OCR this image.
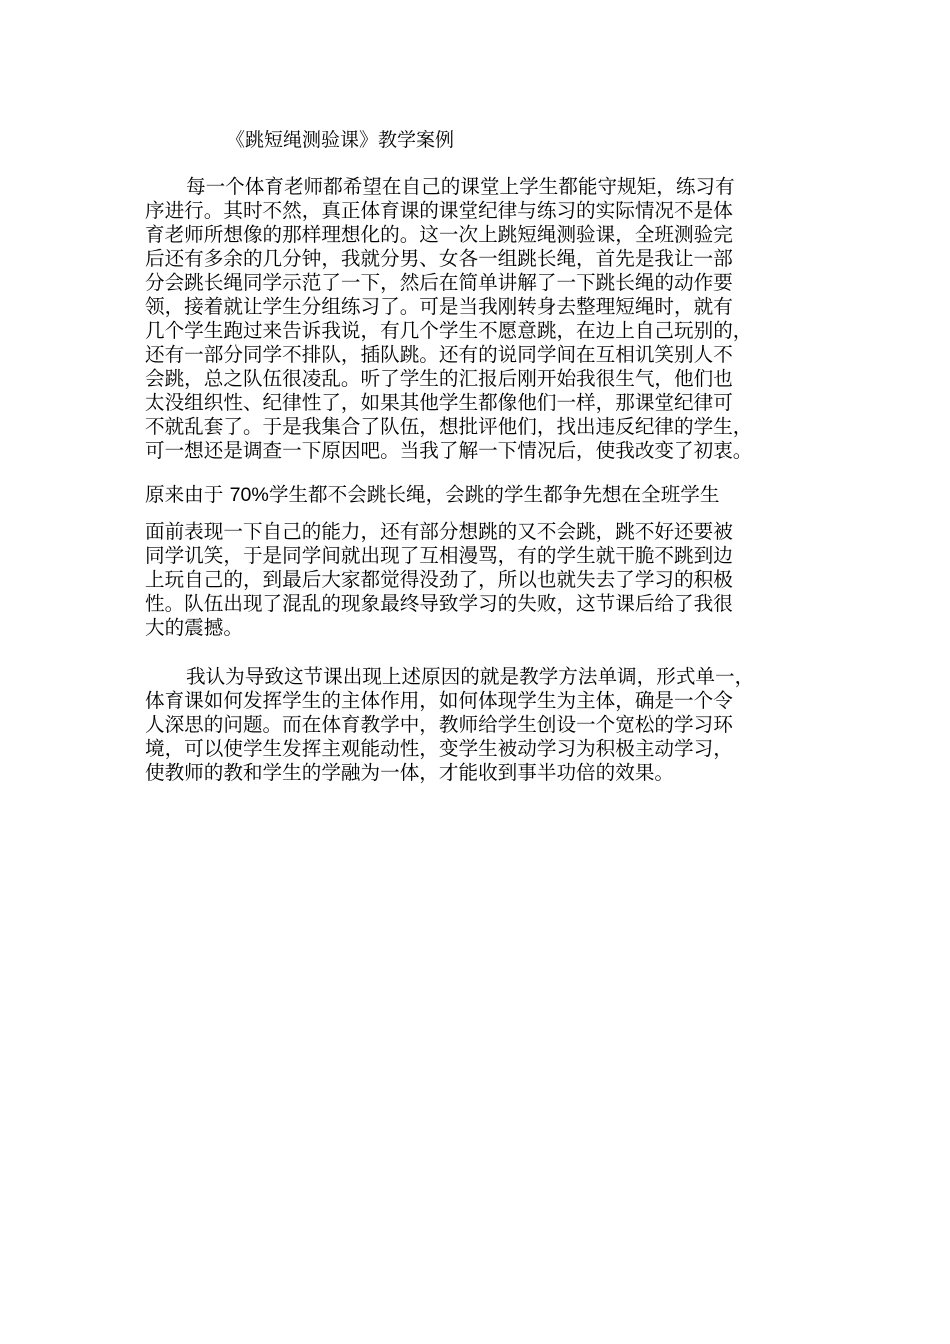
《跳短绳测验课》教学案例

每一个体育老师都希望在自己的课堂上学生都能守规矩，练习有

序进行。其时不然，真正体育课的课堂纪律与练习的实际情况不是体

育老师所想像的那样理想化的。这一次上跳短绳测验课，全班测验完

后还有多余的几分钟，我就分男、女各一组跳长绳，首先是我让一部

分会跳长绳同学示范了一下，然后在简单讲解了一下跳长绳的动作要

领，接着就让学生分组练习了。可是当我刚转身去整理短绳时，就有

几个学生跑过来告诉我说，有几个学生不愿意跳，在边上自己玩别的，

还有一部分同学不排队，插队跳。还有的说同学间在互相讥笑别人不

会跳，总之队伍很凌乱。听了学生的汇报后刚开始我很生气，他们也

太没组织性、纪律性了，如果其他学生都像他们一样，那课堂纪律可

不就乱套了。于是我集合了队伍，想批评他们，找出违反纪律的学生，

可一想还是调查一下原因吧。当我了解一下情况后，使我改变了初衷。

原来由于 70%学生都不会跳长绳，会跳的学生都争先想在全班学生

面前表现一下自己的能力，还有部分想跳的又不会跳，跳不好还要被

同学讥笑，于是同学间就出现了互相漫骂，有的学生就干脆不跳到边

上玩自己的，到最后大家都觉得没劲了，所以也就失去了学习的积极

性。队伍出现了混乱的现象最终导致学习的失败，这节课后给了我很

大的震撼。

我认为导致这节课出现上述原因的就是教学方法单调，形式单一，

体育课如何发挥学生的主体作用，如何体现学生为主体，确是一个令

人深思的问题。而在体育教学中，教师给学生创设一个宽松的学习环

境，可以使学生发挥主观能动性，变学生被动学习为积极主动学习，

使教师的教和学生的学融为一体，才能收到事半功倍的效果。
